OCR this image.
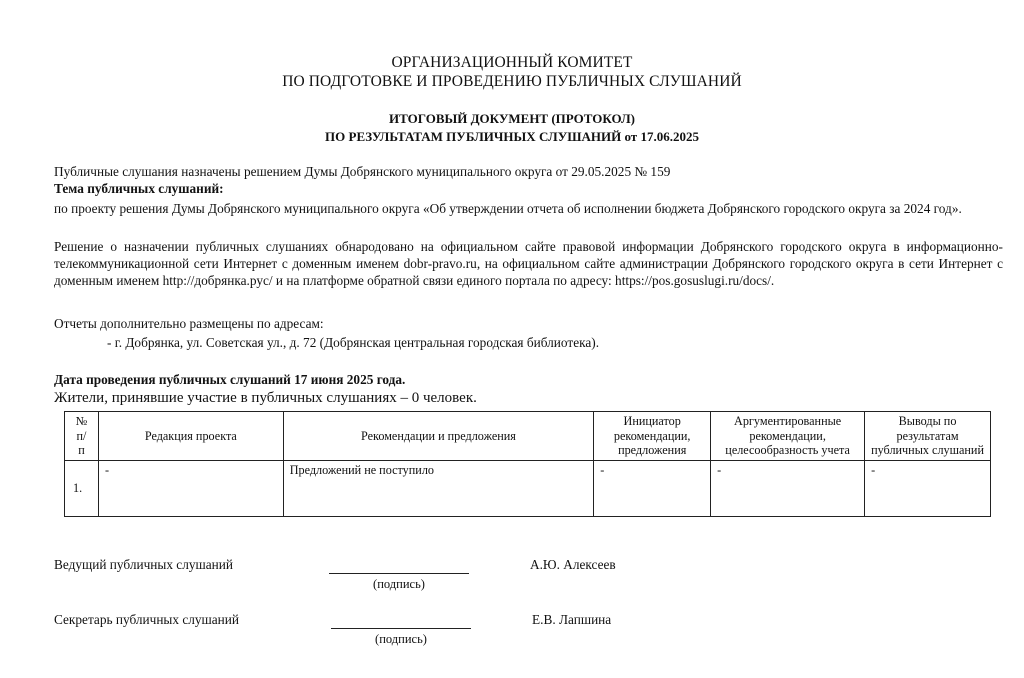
ОРГАНИЗАЦИОННЫЙ КОМИТЕТ
ПО ПОДГОТОВКЕ И ПРОВЕДЕНИЮ ПУБЛИЧНЫХ СЛУШАНИЙ
ИТОГОВЫЙ ДОКУМЕНТ (ПРОТОКОЛ)
ПО РЕЗУЛЬТАТАМ ПУБЛИЧНЫХ СЛУШАНИЙ от 17.06.2025
Публичные слушания назначены решением Думы Добрянского муниципального округа от 29.05.2025 № 159
Тема публичных слушаний:
по проекту решения Думы Добрянского муниципального округа «Об утверждении отчета об исполнении бюджета Добрянского городского округа за 2024 год».
Решение о назначении публичных слушаниях обнародовано на официальном сайте правовой информации Добрянского городского округа в информационно-телекоммуникационной сети Интернет с доменным именем dobr-pravo.ru, на официальном сайте администрации Добрянского городского округа в сети Интернет с доменным именем http://добрянка.рус/ и на платформе обратной связи единого портала по адресу: https://pos.gosuslugi.ru/docs/.
Отчеты дополнительно размещены по адресам:
- г. Добрянка, ул. Советская ул., д. 72 (Добрянская центральная городская библиотека).
Дата проведения публичных слушаний 17 июня 2025 года.
Жители, принявшие участие в публичных слушаниях – 0 человек.
№
п/
п	Редакция проекта	Рекомендации и предложения	Инициатор рекомендации, предложения	Аргументированные рекомендации, целесообразность учета	Выводы по результатам публичных слушаний
1.	-	Предложений не поступило	-	-	-
Ведущий публичных слушаний
(подпись)
А.Ю. Алексеев
Секретарь публичных слушаний
(подпись)
Е.В. Лапшина
